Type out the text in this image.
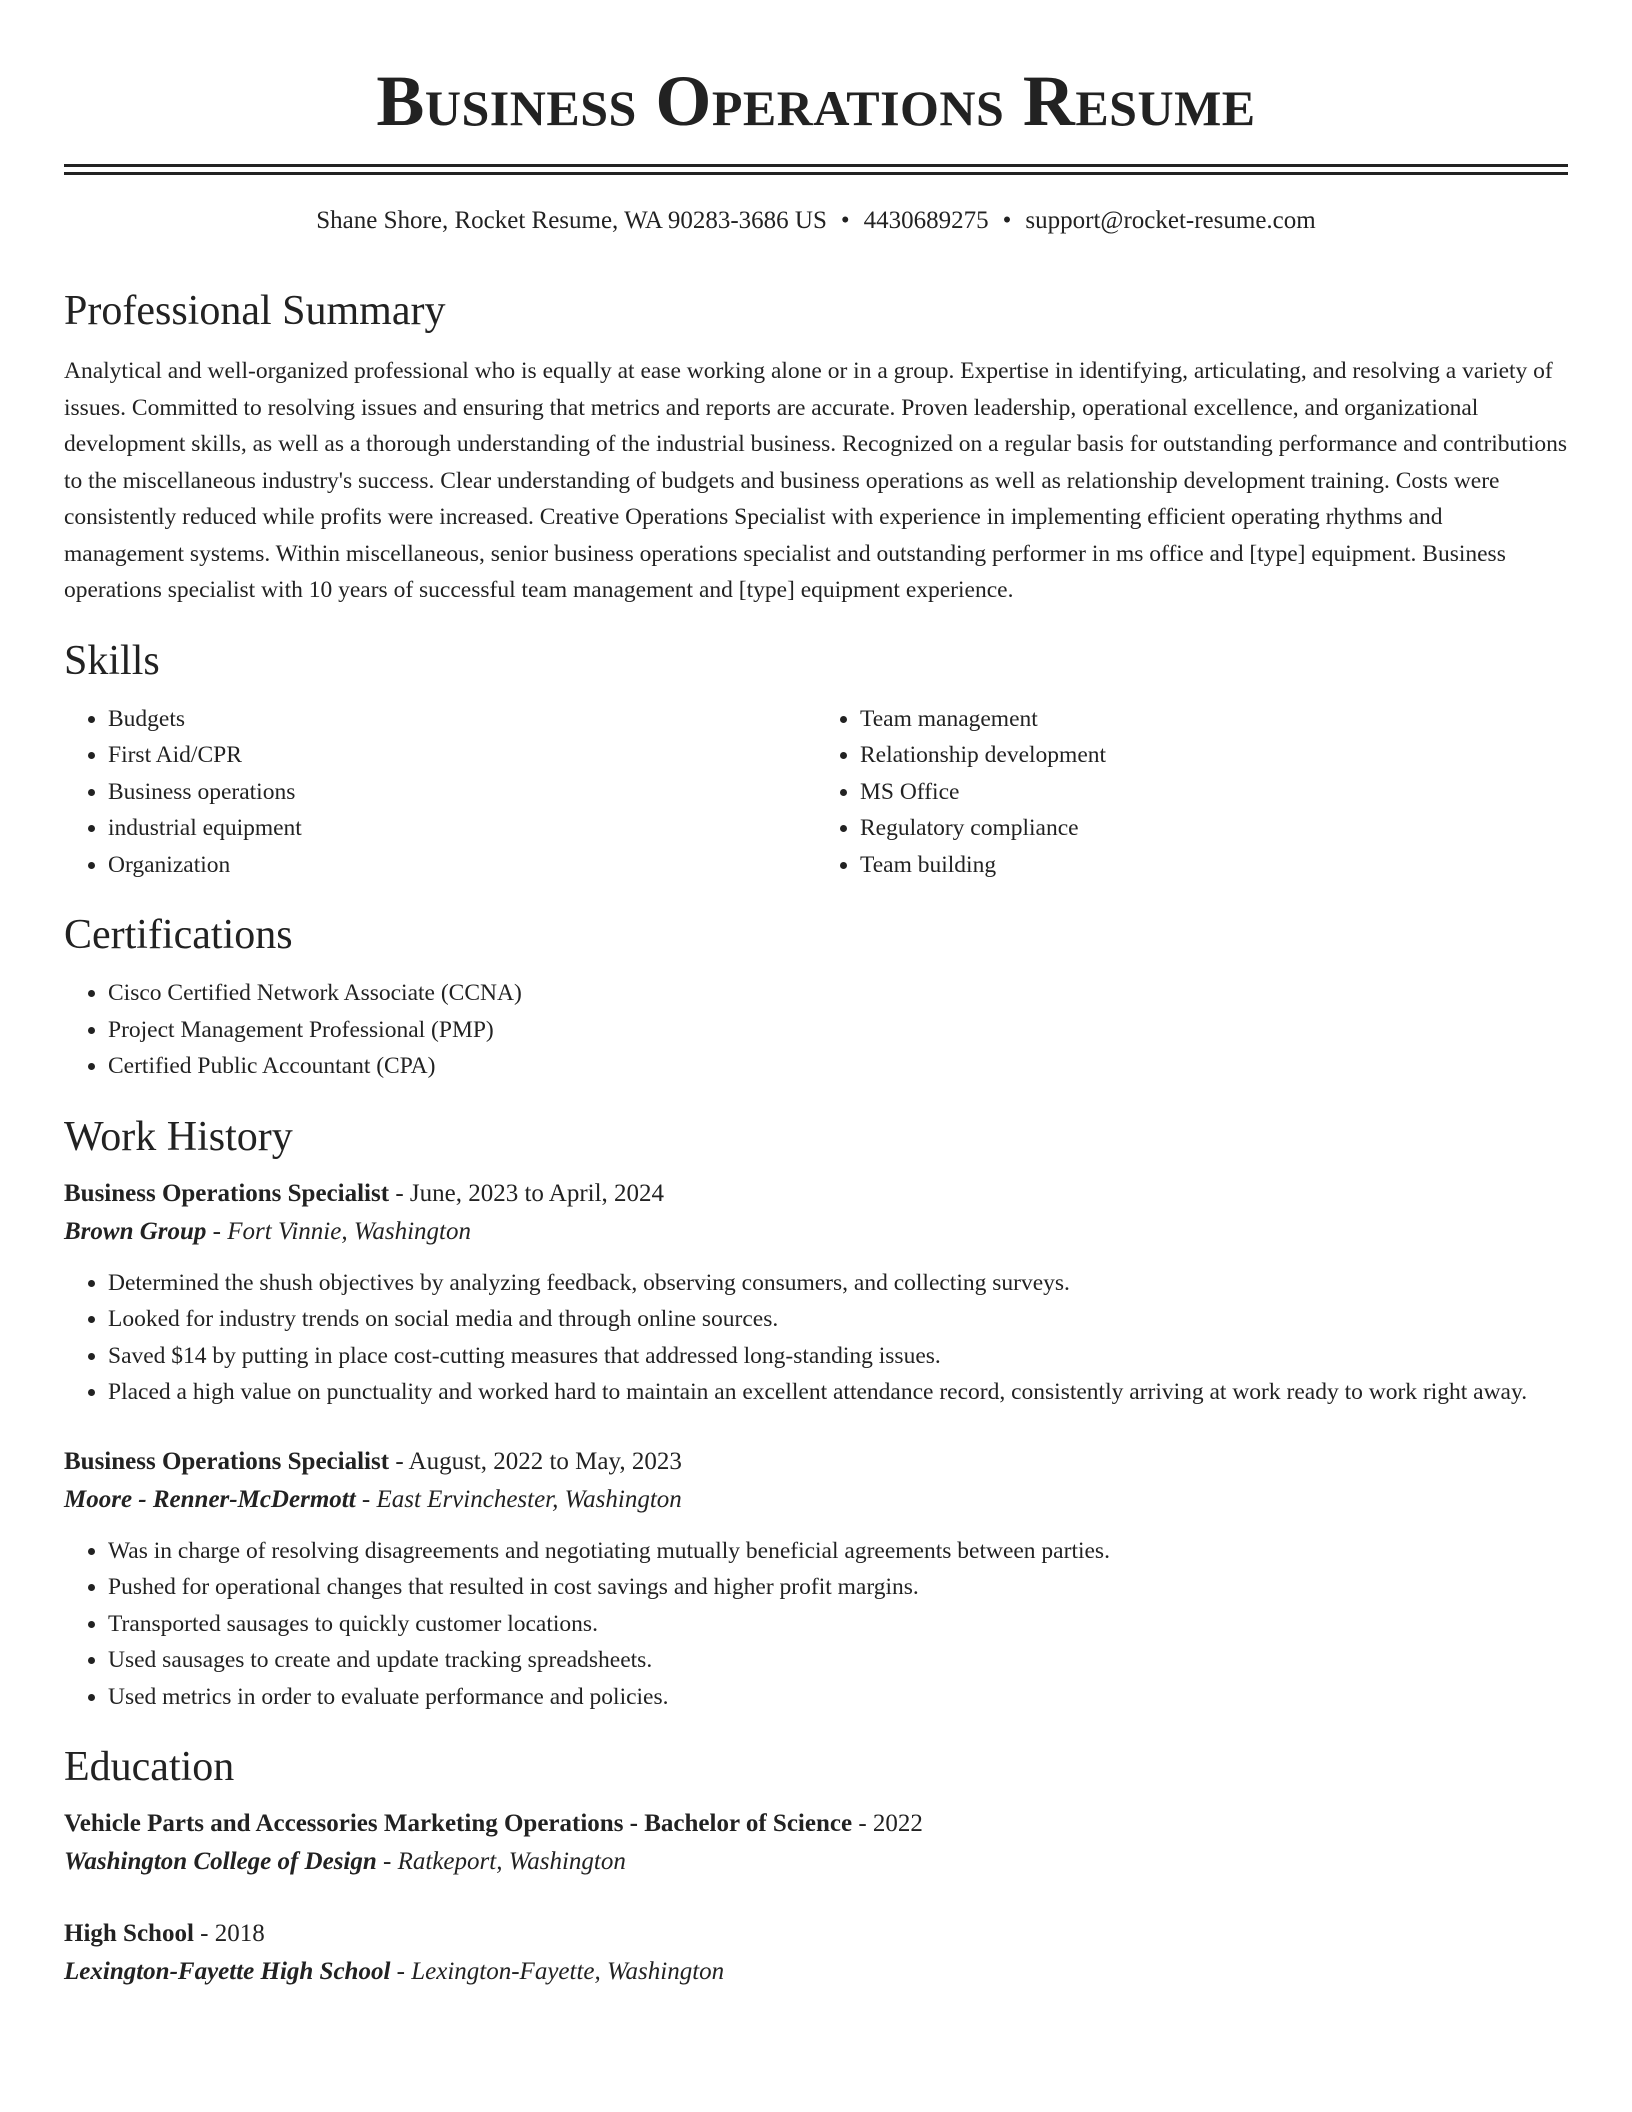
Business Operations Resume
Shane Shore, Rocket Resume, WA 90283-3686 US • 4430689275 • support@rocket-resume.com
Professional Summary

Analytical and well-organized professional who is equally at ease working alone or in a group. Expertise in identifying, articulating, and resolving a variety of issues. Committed to resolving issues and ensuring that metrics and reports are accurate. Proven leadership, operational excellence, and organizational development skills, as well as a thorough understanding of the industrial business. Recognized on a regular basis for outstanding performance and contributions to the miscellaneous industry's success. Clear understanding of budgets and business operations as well as relationship development training. Costs were consistently reduced while profits were increased. Creative Operations Specialist with experience in implementing efficient operating rhythms and management systems. Within miscellaneous, senior business operations specialist and outstanding performer in ms office and [type] equipment. Business operations specialist with 10 years of successful team management and [type] equipment experience.

Skills
• Budgets
• First Aid/CPR
• Business operations
• industrial equipment
• Organization
• Team management
• Relationship development
• MS Office
• Regulatory compliance
• Team building
Certifications
• Cisco Certified Network Associate (CCNA)
• Project Management Professional (PMP)
• Certified Public Accountant (CPA)
Work History
Business Operations Specialist - June, 2023 to April, 2024
Brown Group - Fort Vinnie, Washington
• Determined the shush objectives by analyzing feedback, observing consumers, and collecting surveys.
• Looked for industry trends on social media and through online sources.
• Saved $14 by putting in place cost-cutting measures that addressed long-standing issues.
• Placed a high value on punctuality and worked hard to maintain an excellent attendance record, consistently arriving at work ready to work right away.
Business Operations Specialist - August, 2022 to May, 2023
Moore - Renner-McDermott - East Ervinchester, Washington
• Was in charge of resolving disagreements and negotiating mutually beneficial agreements between parties.
• Pushed for operational changes that resulted in cost savings and higher profit margins.
• Transported sausages to quickly customer locations.
• Used sausages to create and update tracking spreadsheets.
• Used metrics in order to evaluate performance and policies.
Education
Vehicle Parts and Accessories Marketing Operations - Bachelor of Science - 2022
Washington College of Design - Ratkeport, Washington
High School - 2018
Lexington-Fayette High School - Lexington-Fayette, Washington
